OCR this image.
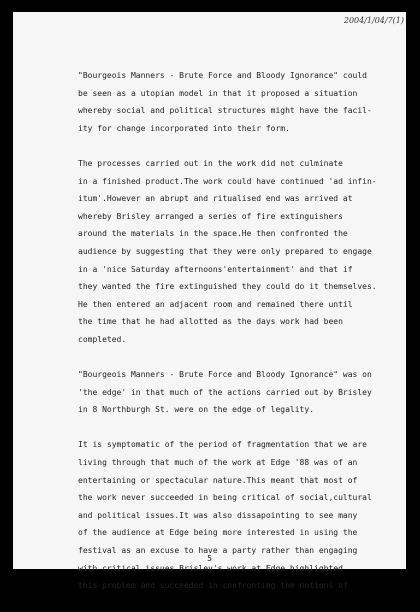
2004/1/04/7(1)
"Bourgeois Manners - Brute Force and Bloody Ignorance" could
be seen as a utopian model in that it proposed a situation
whereby social and political structures might have the facil-
ity for change incorporated into their form.
The processes carried out in the work did not culminate
in a finished product.The work could have continued 'ad infin-
itum'.However an abrupt and ritualised end was arrived at
whereby Brisley arranged a series of fire extinguishers
around the materials in the space.He then confronted the
audience by suggesting that they were only prepared to engage
in a 'nice Saturday afternoons'entertainment' and that if
they wanted the fire extinguished they could do it themselves.
He then entered an adjacent room and remained there until
the time that he had allotted as the days work had been
completed.
"Bourgeois Manners - Brute Force and Bloody Ignorance" was on
'the edge' in that much of the actions carried out by Brisley
in 8 Northburgh St. were on the edge of legality.
It is symptomatic of the period of fragmentation that we are
living through that much of the work at Edge '88 was of an
entertaining or spectacular nature.This meant that most of
the work never succeeded in being critical of social,cultural
and political issues.It was also dissapointing to see many
of the audience at Edge being more interested in using the
festival as an excuse to have a party rather than engaging
with critical issues.Brisley's work at Edge highlighted
this problem and succeeded in confronting the notions of
5
